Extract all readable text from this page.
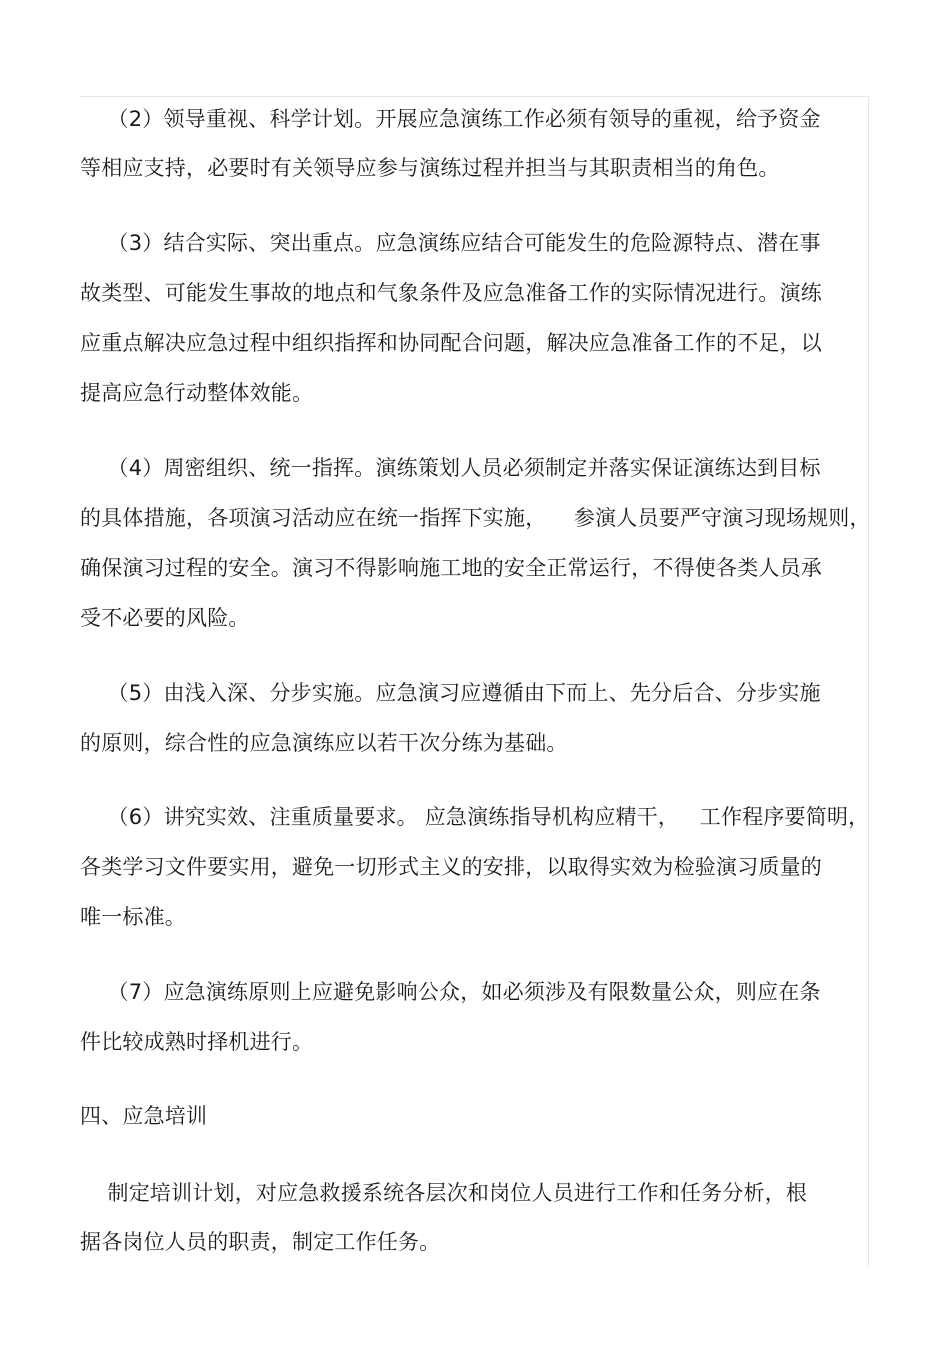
（2）领导重视、科学计划。开展应急演练工作必须有领导的重视，给予资金
等相应支持，必要时有关领导应参与演练过程并担当与其职责相当的角色。
（3）结合实际、突出重点。应急演练应结合可能发生的危险源特点、潜在事
故类型、可能发生事故的地点和气象条件及应急准备工作的实际情况进行。演练
应重点解决应急过程中组织指挥和协同配合问题，解决应急准备工作的不足，以
提高应急行动整体效能。
（4）周密组织、统一指挥。演练策划人员必须制定并落实保证演练达到目标
的具体措施，各项演习活动应在统一指挥下实施，    参演人员要严守演习现场规则，
确保演习过程的安全。演习不得影响施工地的安全正常运行，不得使各类人员承
受不必要的风险。
（5）由浅入深、分步实施。应急演习应遵循由下而上、先分后合、分步实施
的原则，综合性的应急演练应以若干次分练为基础。
（6）讲究实效、注重质量要求。 应急演练指导机构应精干，   工作程序要简明，
各类学习文件要实用，避免一切形式主义的安排，以取得实效为检验演习质量的
唯一标准。
（7）应急演练原则上应避免影响公众，如必须涉及有限数量公众，则应在条
件比较成熟时择机进行。
四、应急培训
制定培训计划，对应急救援系统各层次和岗位人员进行工作和任务分析，根
据各岗位人员的职责，制定工作任务。
